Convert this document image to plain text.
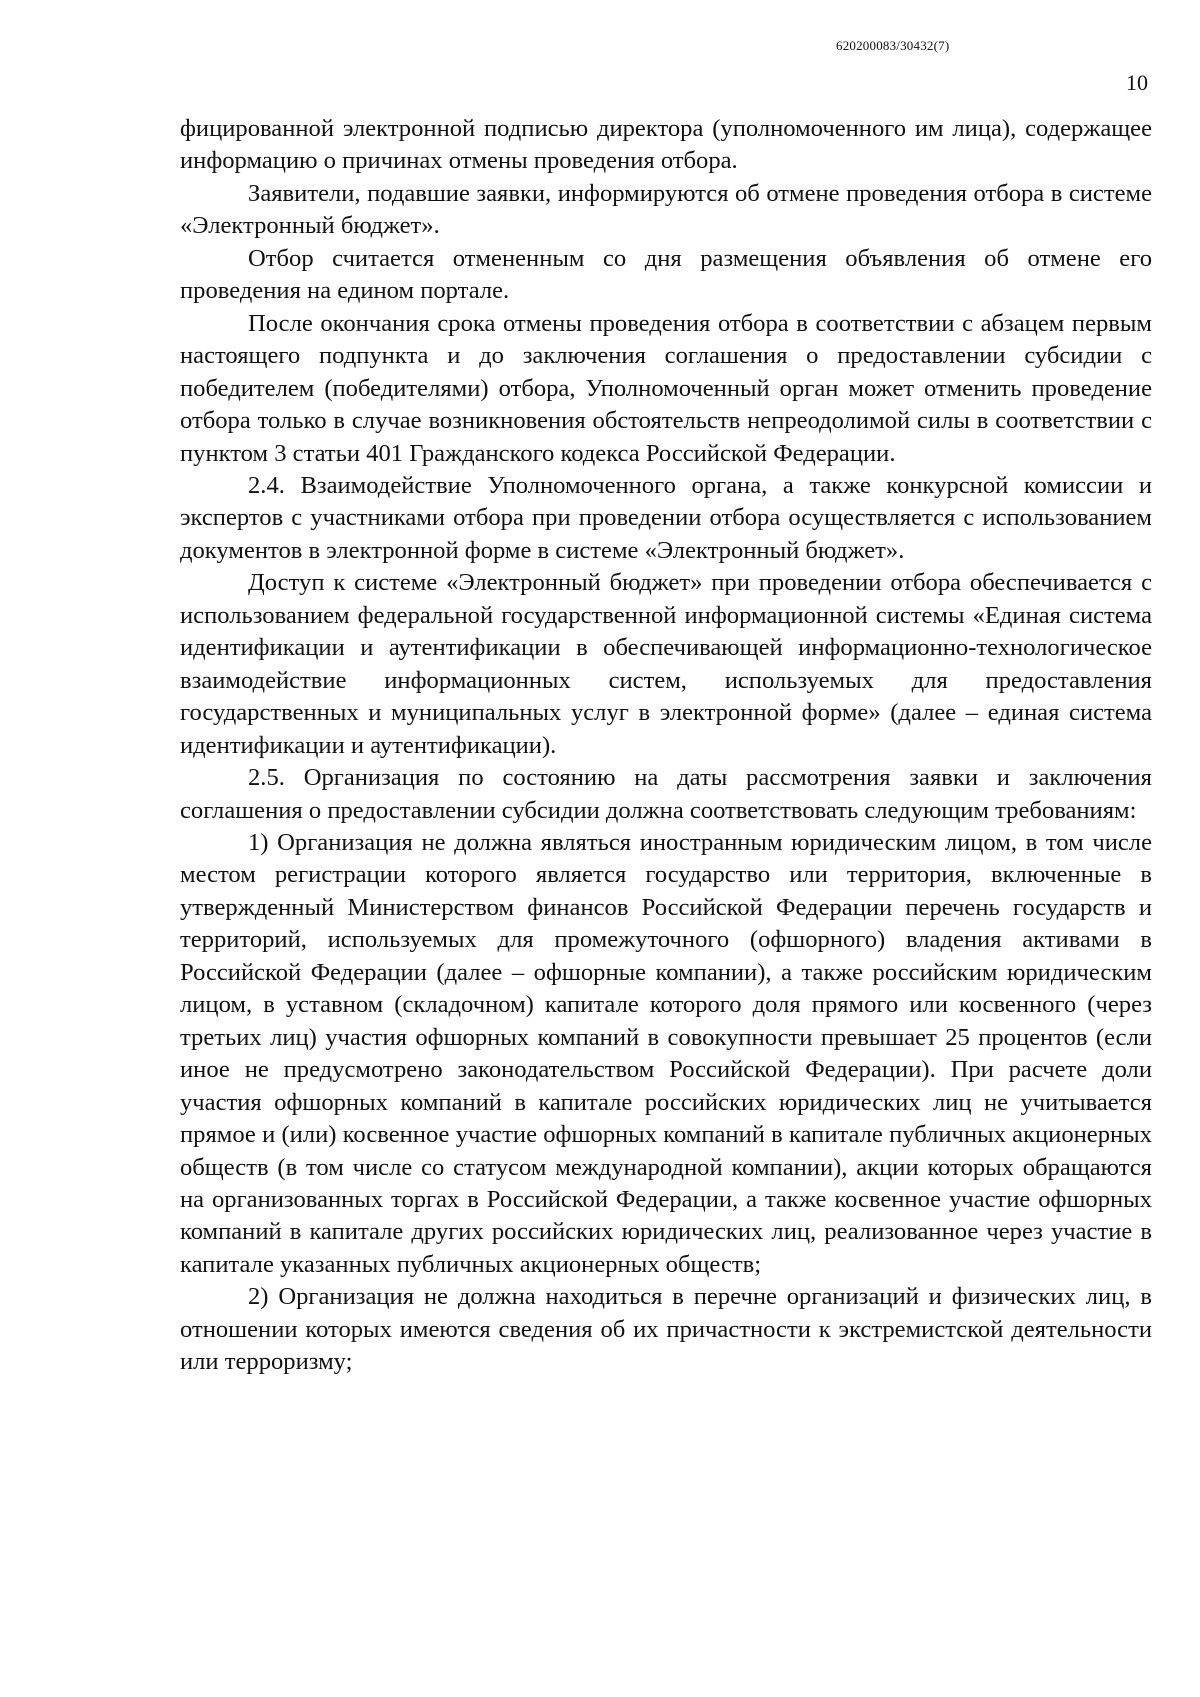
620200083/30432(7)
10

фицированной электронной подписью директора (уполномоченного им лица), содержащее информацию о причинах отмены проведения отбора.

Заявители, подавшие заявки, информируются об отмене проведения отбора в системе «Электронный бюджет».

Отбор считается отмененным со дня размещения объявления об отмене его проведения на едином портале.

После окончания срока отмены проведения отбора в соответствии с абзацем первым настоящего подпункта и до заключения соглашения о предоставлении субсидии с победителем (победителями) отбора, Уполномоченный орган может отменить проведение отбора только в случае возникновения обстоятельств непреодолимой силы в соответствии с пунктом 3 статьи 401 Гражданского кодекса Российской Федерации.

2.4. Взаимодействие Уполномоченного органа, а также конкурсной комиссии и экспертов с участниками отбора при проведении отбора осуществляется с использованием документов в электронной форме в системе «Электронный бюджет».

Доступ к системе «Электронный бюджет» при проведении отбора обеспечивается с использованием федеральной государственной информационной системы «Единая система идентификации и аутентификации в обеспечивающей информационно-технологическое взаимодействие информационных систем, используемых для предоставления государственных и муниципальных услуг в электронной форме» (далее – единая система идентификации и аутентификации).

2.5. Организация по состоянию на даты рассмотрения заявки и заключения соглашения о предоставлении субсидии должна соответствовать следующим требованиям:

1) Организация не должна являться иностранным юридическим лицом, в том числе местом регистрации которого является государство или территория, включенные в утвержденный Министерством финансов Российской Федерации перечень государств и территорий, используемых для промежуточного (офшорного) владения активами в Российской Федерации (далее – офшорные компании), а также российским юридическим лицом, в уставном (складочном) капитале которого доля прямого или косвенного (через третьих лиц) участия офшорных компаний в совокупности превышает 25 процентов (если иное не предусмотрено законодательством Российской Федерации). При расчете доли участия офшорных компаний в капитале российских юридических лиц не учитывается прямое и (или) косвенное участие офшорных компаний в капитале публичных акционерных обществ (в том числе со статусом международной компании), акции которых обращаются на организованных торгах в Российской Федерации, а также косвенное участие офшорных компаний в капитале других российских юридических лиц, реализованное через участие в капитале указанных публичных акционерных обществ;

2) Организация не должна находиться в перечне организаций и физических лиц, в отношении которых имеются сведения об их причастности к экстремистской деятельности или терроризму;
